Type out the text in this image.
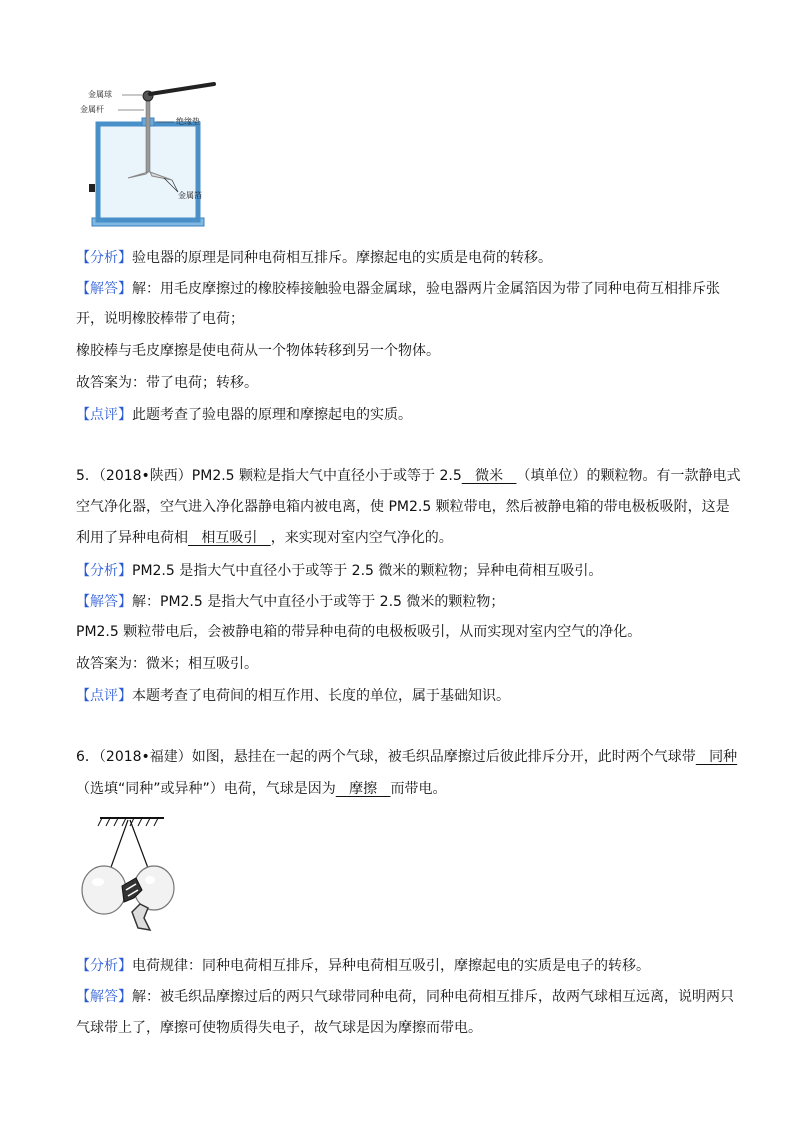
金属球
金属杆
绝缘垫
金属箔
【分析】验电器的原理是同种电荷相互排斥。摩擦起电的实质是电荷的转移。
【解答】解：用毛皮摩擦过的橡胶棒接触验电器金属球，验电器两片金属箔因为带了同种电荷互相排斥张
开，说明橡胶棒带了电荷；
橡胶棒与毛皮摩擦是使电荷从一个物体转移到另一个物体。
故答案为：带了电荷；转移。
【点评】此题考查了验电器的原理和摩擦起电的实质。
5．（2018•陕西）PM2.5 颗粒是指大气中直径小于或等于 2.5   微米   （填单位）的颗粒物。有一款静电式
空气净化器，空气进入净化器静电箱内被电离，使 PM2.5 颗粒带电，然后被静电箱的带电极板吸附，这是
利用了异种电荷相   相互吸引   ，来实现对室内空气净化的。
【分析】PM2.5 是指大气中直径小于或等于 2.5 微米的颗粒物；异种电荷相互吸引。
【解答】解：PM2.5 是指大气中直径小于或等于 2.5 微米的颗粒物；
PM2.5 颗粒带电后，会被静电箱的带异种电荷的电极板吸引，从而实现对室内空气的净化。
故答案为：微米；相互吸引。
【点评】本题考查了电荷间的相互作用、长度的单位，属于基础知识。
6．（2018•福建）如图，悬挂在一起的两个气球，被毛织品摩擦过后彼此排斥分开，此时两个气球带   同种
（选填“同种”或异种”）电荷，气球是因为   摩擦   而带电。
【分析】电荷规律：同种电荷相互排斥，异种电荷相互吸引，摩擦起电的实质是电子的转移。
【解答】解：被毛织品摩擦过后的两只气球带同种电荷，同种电荷相互排斥，故两气球相互远离，说明两只
气球带上了，摩擦可使物质得失电子，故气球是因为摩擦而带电。
